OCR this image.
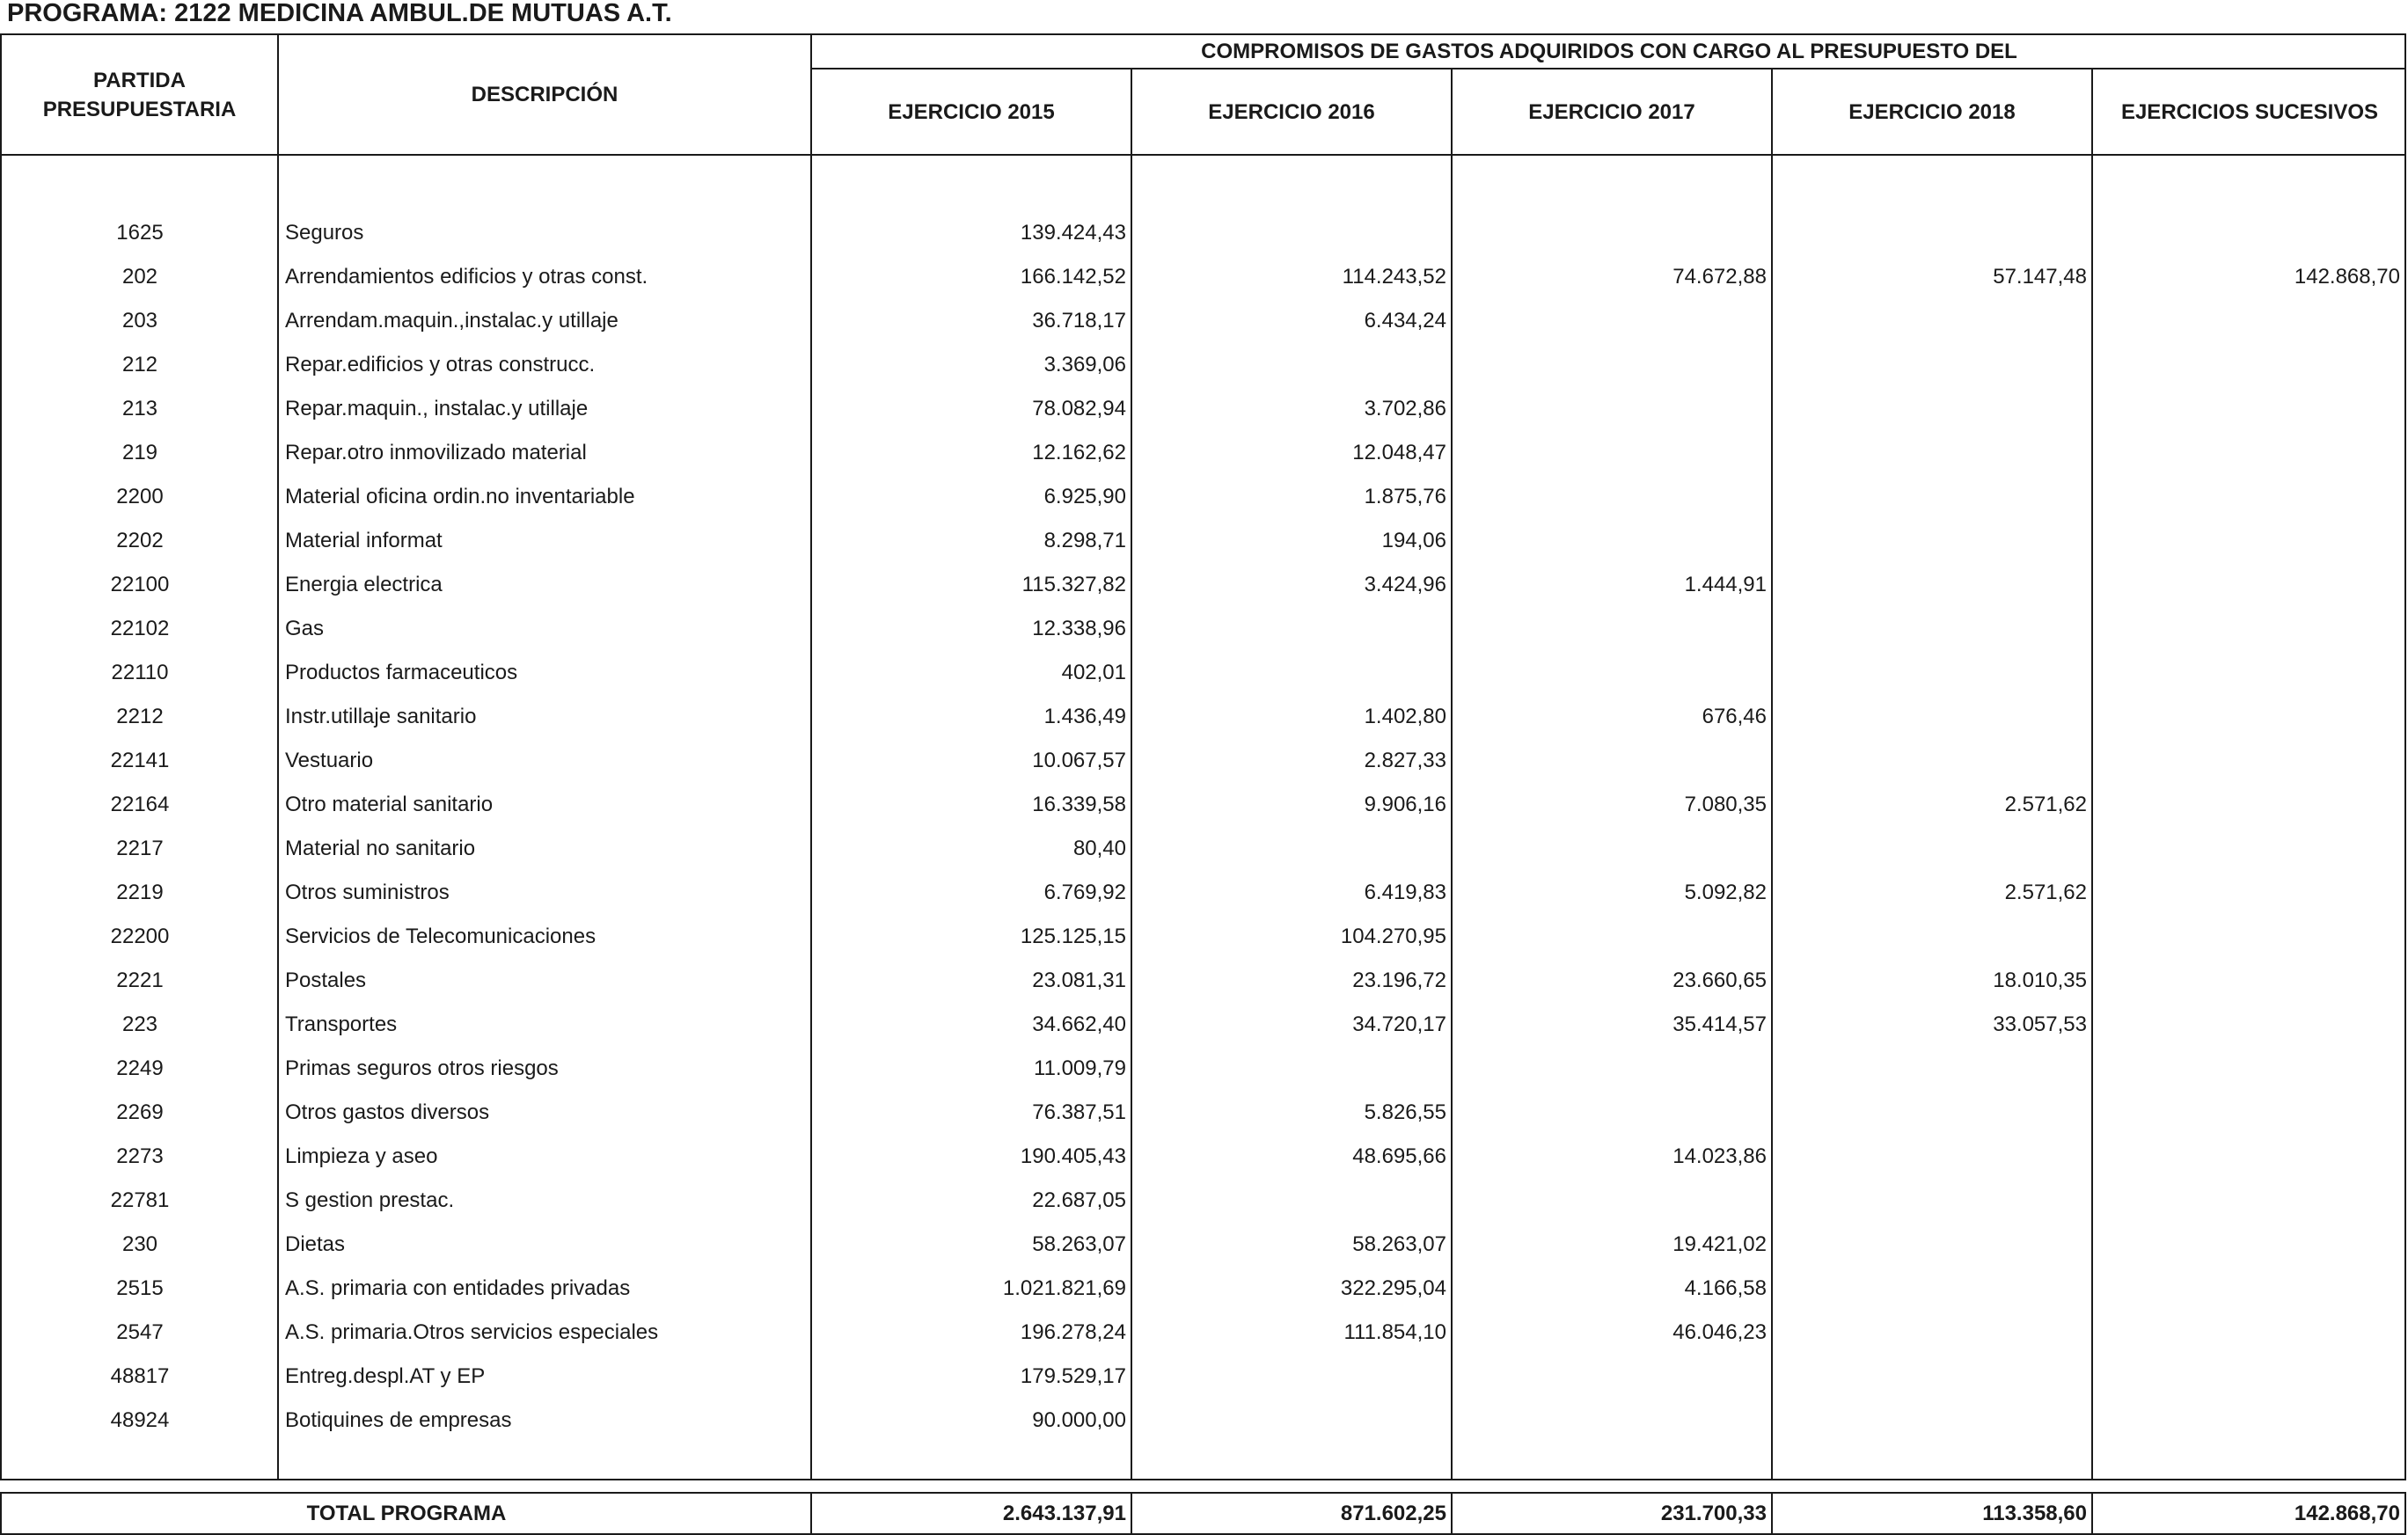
PROGRAMA: 2122 MEDICINA AMBUL.DE MUTUAS A.T.
PARTIDA
PRESUPUESTARIA
DESCRIPCIÓN
COMPROMISOS DE GASTOS ADQUIRIDOS CON CARGO AL PRESUPUESTO DEL
EJERCICIO 2015	EJERCICIO 2016	EJERCICIO 2017	EJERCICIO 2018	EJERCICIOS SUCESIVOS
1625	Seguros	139.424,43
202	Arrendamientos edificios y otras const.	166.142,52	114.243,52	74.672,88	57.147,48	142.868,70
203	Arrendam.maquin.,instalac.y utillaje	36.718,17	6.434,24
212	Repar.edificios y otras construcc.	3.369,06
213	Repar.maquin., instalac.y utillaje	78.082,94	3.702,86
219	Repar.otro inmovilizado material	12.162,62	12.048,47
2200	Material oficina ordin.no inventariable	6.925,90	1.875,76
2202	Material informat	8.298,71	194,06
22100	Energia electrica	115.327,82	3.424,96	1.444,91
22102	Gas	12.338,96
22110	Productos farmaceuticos	402,01
2212	Instr.utillaje sanitario	1.436,49	1.402,80	676,46
22141	Vestuario	10.067,57	2.827,33
22164	Otro material sanitario	16.339,58	9.906,16	7.080,35	2.571,62
2217	Material no sanitario	80,40
2219	Otros suministros	6.769,92	6.419,83	5.092,82	2.571,62
22200	Servicios de Telecomunicaciones	125.125,15	104.270,95
2221	Postales	23.081,31	23.196,72	23.660,65	18.010,35
223	Transportes	34.662,40	34.720,17	35.414,57	33.057,53
2249	Primas seguros otros riesgos	11.009,79
2269	Otros gastos diversos	76.387,51	5.826,55
2273	Limpieza y aseo	190.405,43	48.695,66	14.023,86
22781	S gestion prestac.	22.687,05
230	Dietas	58.263,07	58.263,07	19.421,02
2515	A.S. primaria con entidades privadas	1.021.821,69	322.295,04	4.166,58
2547	A.S. primaria.Otros servicios especiales	196.278,24	111.854,10	46.046,23
48817	Entreg.despl.AT y EP	179.529,17
48924	Botiquines de empresas	90.000,00
TOTAL PROGRAMA	2.643.137,91	871.602,25	231.700,33	113.358,60	142.868,70
